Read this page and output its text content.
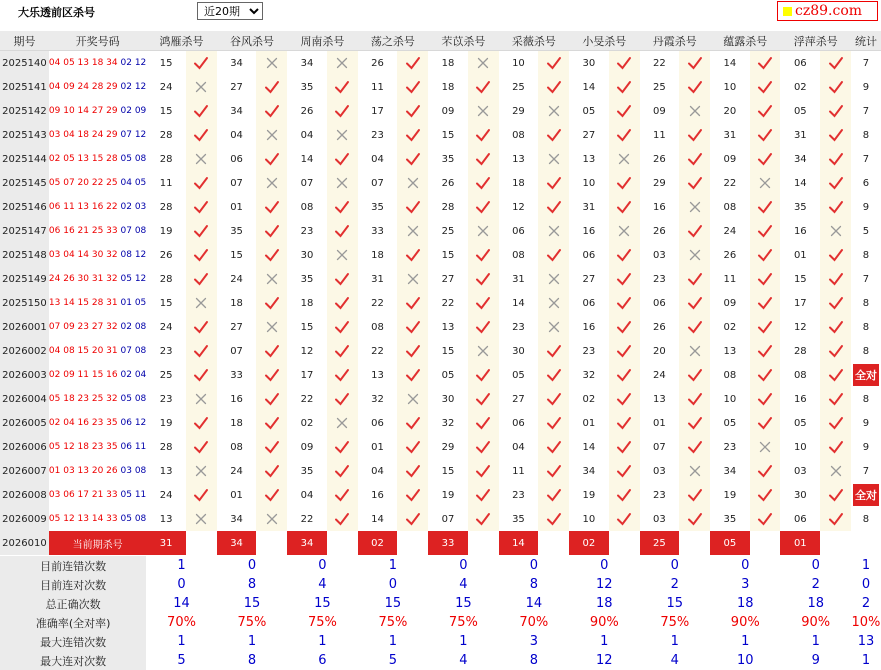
大乐透前区杀号
近20期	cz89.com
期号	开奖号码	鸿雁杀号		谷风杀号		周南杀号		荡之杀号		芣苡杀号		采薇杀号		小旻杀号		丹霞杀号		蕴露杀号		浮萍杀号		统计
2025140	04 05 13 18 34 02 12	15		34		34		26		18		10		30		22		14		06		7
2025141	04 09 24 28 29 02 12	24		27		35		11		18		25		14		25		10		02		9
2025142	09 10 14 27 29 02 09	15		34		26		17		09		29		05		09		20		05		7
2025143	03 04 18 24 29 07 12	28		04		04		23		15		08		27		11		31		31		8
2025144	02 05 13 15 28 05 08	28		06		14		04		35		13		13		26		09		34		7
2025145	05 07 20 22 25 04 05	11		07		07		07		26		18		10		29		22		14		6
2025146	06 11 13 16 22 02 03	28		01		08		35		28		12		31		16		08		35		9
2025147	06 16 21 25 33 07 08	19		35		23		33		25		06		16		26		24		16		5
2025148	03 04 14 30 32 08 12	26		15		30		18		15		08		06		03		26		01		8
2025149	24 26 30 31 32 05 12	28		24		35		31		27		31		27		23		11		15		7
2025150	13 14 15 28 31 01 05	15		18		18		22		22		14		06		06		09		17		8
2026001	07 09 23 27 32 02 08	24		27		15		08		13		23		16		26		02		12		8
2026002	04 08 15 20 31 07 08	23		07		12		22		15		30		23		20		13		28		8
2026003	02 09 11 15 16 02 04	25		33		17		13		05		05		32		24		08		08		全对
2026004	05 18 23 25 32 05 08	23		16		22		32		30		27		02		13		10		16		8
2026005	02 04 16 23 35 06 12	19		18		02		06		32		06		01		01		05		05		9
2026006	05 12 18 23 35 06 11	28		08		09		01		29		04		14		07		23		10		9
2026007	01 03 13 20 26 03 08	13		24		35		04		15		11		34		03		34		03		7
2026008	03 06 17 21 33 05 11	24		01		04		16		19		23		19		23		19		30		全对
2026009	05 12 13 14 33 05 08	13		34		22		14		07		35		10		03		35		06		8
2026010	当前期杀号	31		34		34		02		33		14		02		25		05		01		
目前连错次数		1		0		0		1		0		0		0		0		0		0		1
目前连对次数		0		8		4		0		4		8		12		2		3		2		0
总正确次数		14		15		15		15		15		14		18		15		18		18		2
准确率(全对率)		70%		75%		75%		75%		75%		70%		90%		75%		90%		90%		10%
最大连错次数		1		1		1		1		1		3		1		1		1		1		13
最大连对次数		5		8		6		5		4		8		12		4		10		9		1
